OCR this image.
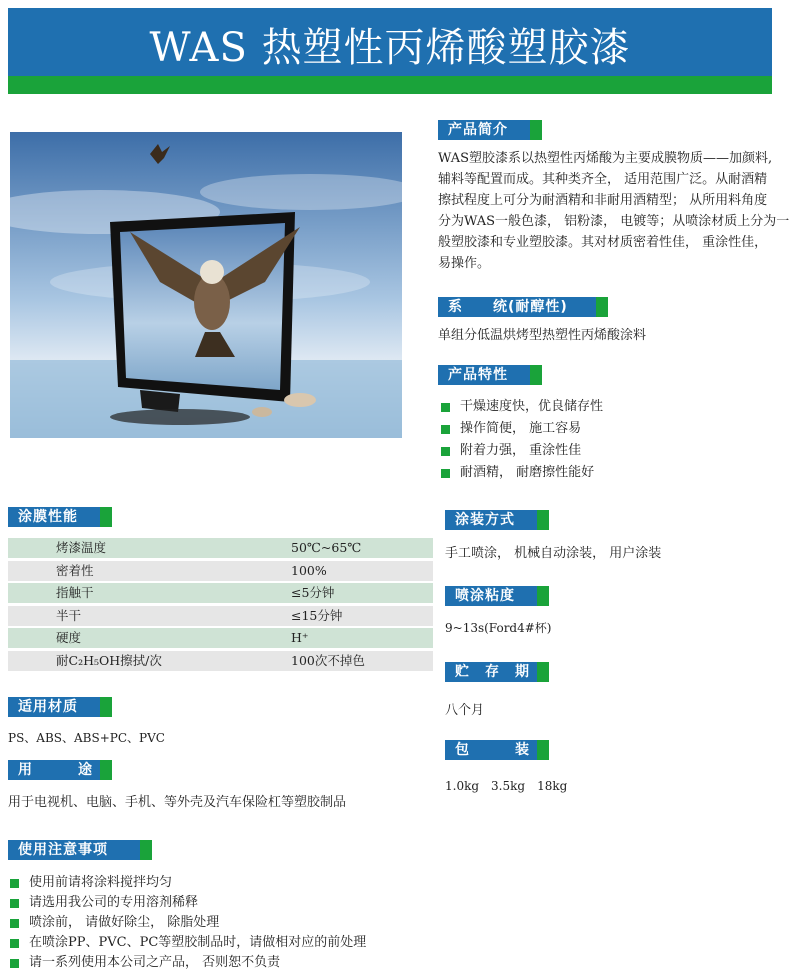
WAS 热塑性丙烯酸塑胶漆
产品简介
WAS塑胶漆系以热塑性丙烯酸为主要成膜物质——加颜料,
辅料等配置而成。其种类齐全， 适用范围广泛。从耐酒精
擦拭程度上可分为耐酒精和非耐用酒精型； 从所用料角度
分为WAS一般色漆， 铝粉漆， 电镀等；从喷涂材质上分为一
般塑胶漆和专业塑胶漆。其对材质密着性佳， 重涂性佳，
易操作。
系　　统(耐醇性)
单组分低温烘烤型热塑性丙烯酸涂料
产品特性
干燥速度快，优良储存性
操作简便， 施工容易
附着力强， 重涂性佳
耐酒精， 耐磨擦性能好
涂膜性能
烤漆温度	50℃~65℃
密着性	100%
指触干	≤5分钟
半干	≤15分钟
硬度	H⁺
耐C₂H₅OH擦拭/次	100次不掉色
适用材质
PS、ABS、ABS+PC、PVC
用　　　途
用于电视机、电脑、手机、等外壳及汽车保险杠等塑胶制品
使用注意事项
使用前请将涂料搅拌均匀
请选用我公司的专用溶剂稀释
喷涂前， 请做好除尘， 除脂处理
在喷涂PP、PVC、PC等塑胶制品时，请做相对应的前处理
请一系列使用本公司之产品， 否则恕不负责
涂装方式
手工喷涂， 机械自动涂装， 用户涂装
喷涂粘度
9~13s(Ford4#杯)
贮　存　期
八个月
包　　　装
1.0kg　3.5kg　18kg
